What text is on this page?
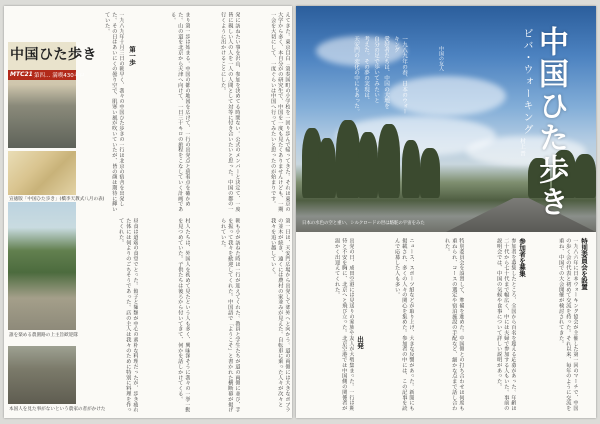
中国ひた歩き
MTC21 第四… 満喫430キロ
宣徳版「中国ひた歩き」(橋李天教式八月の表)
誰を楽める農園路の上主旨歓迎隊
本国人を見た事がないという農家の者がかけた
えてきた。東京目白「第奏国町の小学校を一回り歩んで帰ってきた。それは東京の大学から多く、本自分がの研究生で、中国を一度も見たくありませんけども、一期一会を大切にして、一度ぐらいは中国へ行ってみたいと思ったのが始まりです。
発に訪ねたい事を沢山、参加を決めてる時間ない。公式のメンバーと決定て、一度皆に親しい人の人を一人の人間として対等に付き合いたいと思った。中国の都の一行くように出かけることにした。
まり第一歩は始まる。中国の都の地図を広げて、一行の出発点と到着点を確かめた。山の道を北京から天津へ向けて、一日三十キロの旅程をこなしていく計画である。
第一歩
一九八九年十月三日の朝早く、我々の中国ひた歩きの一行は北京の宿舎を出発した。その日はあいにくの曇り空で、肌寒い風が吹いていたが、皆の顔は期待に輝いていた。
第一日は、天安門広場から出発して郊外へと向かう。道の両側には大きなポプラの並木が続き、遠くには農村の家並みが見えた。自転車に乗った人々が次々と我々を追い越していく。
朝も小が訪ねた時は一行が迎えてくれた。教員と学生たちが道の両側に並び、手を振って我々を歓迎してくれた。中国語で「ようこそ」と書かれた横断幕が掲げられていた。
村人たちは、外国人を初めて見たという人も多く、興味深そうに我々の一挙一動を見つめていた。子供たちは後ろから付いてきて、何かを話しかけてくる。
昼食は道端の食堂でとった。餃子と麺類が中心の素朴な料理だったが、歩き疲れた体には何よりのごちそうであった。店の主人は我々のために特別に料理を作ってくれた。
ビバ・ウォーキング 中国ひた歩き
村上 晋
中国の友人
一九八九年の春、日本のウォーキング
愛好者たちは、中国の大地を
自分の足で歩いてみたいと
考えた。その夢の実現は、
天安門の変化の中にもあった。
日本の水色の空と重い、シルクロードの世は駱駝の宇宙をみた
特別委員会を設置
一九八六年に日本ウォーキング協会が主催した第一回のマーチで、中国の歩く会の代表と初めて交流を持った。それ以来、毎年のように交流を重ね、中国での大会開催が検討されてきた。
参加者を募集
参加者を募集したところ、全国から百名を超える応募があった。年齢は二十代から七十代まで幅広く、中には夫婦で参加する人もいた。事前の説明会では、中国の気候や食事について詳しい説明があった。
特別委員会を設置して、準備を進めた。中国側との打ち合わせは何度も重ねられ、コースの選定や宿泊施設の手配など、細かな点まで話し合われた。
ニュース、スポーツ紙などが取り上げ、大きな反響があった。新聞にも掲載され、多くの人々の関心を集めた。参加者の中には、この記事を読んで応募した人も多い。
出発
出発の日、成田空港には見送りの家族や友人が大勢集まった。一行は期待と不安を胸に、北京へと飛び立った。北京空港では中国側の関係者が温かく出迎えてくれた。
